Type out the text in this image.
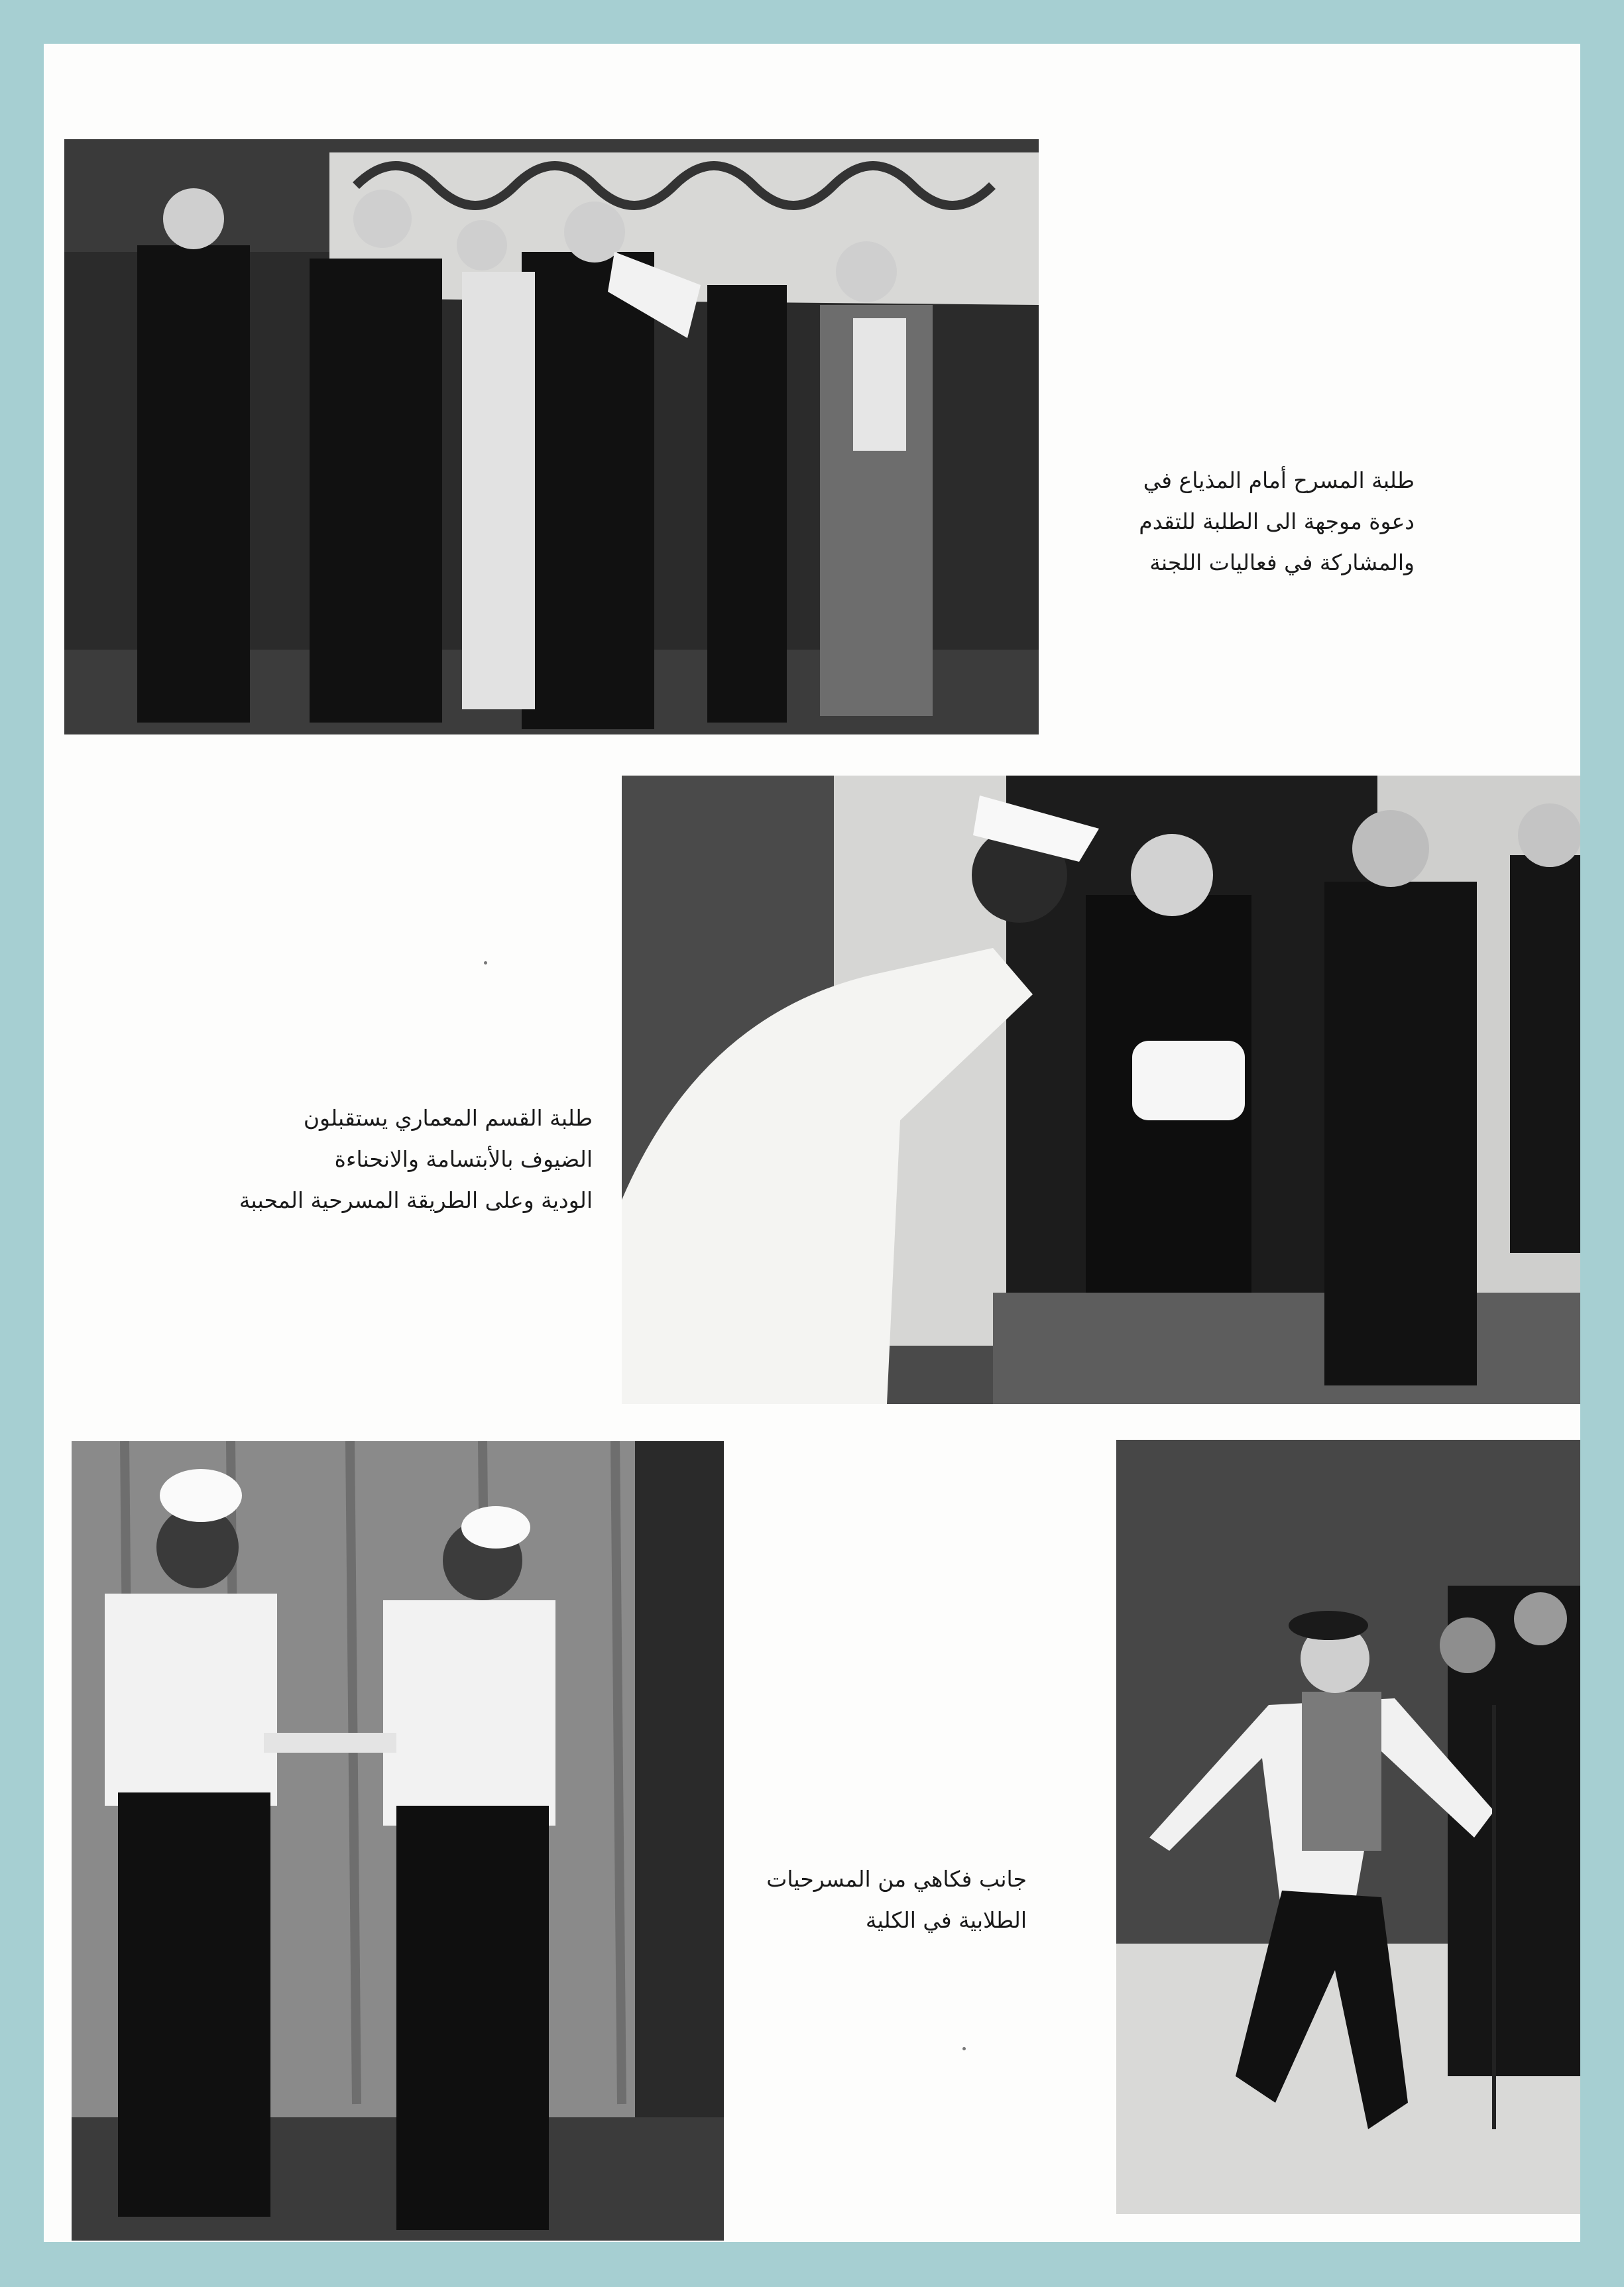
طلبة المسرح أمام المذياع في
دعوة موجهة الى الطلبة للتقدم
والمشاركة في فعاليات اللجنة
طلبة القسم المعماري يستقبلون
الضيوف بالأبتسامة والانحناءة
الودية وعلى الطريقة المسرحية المحببة
جانب فكاهي من المسرحيات
الطلابية في الكلية
